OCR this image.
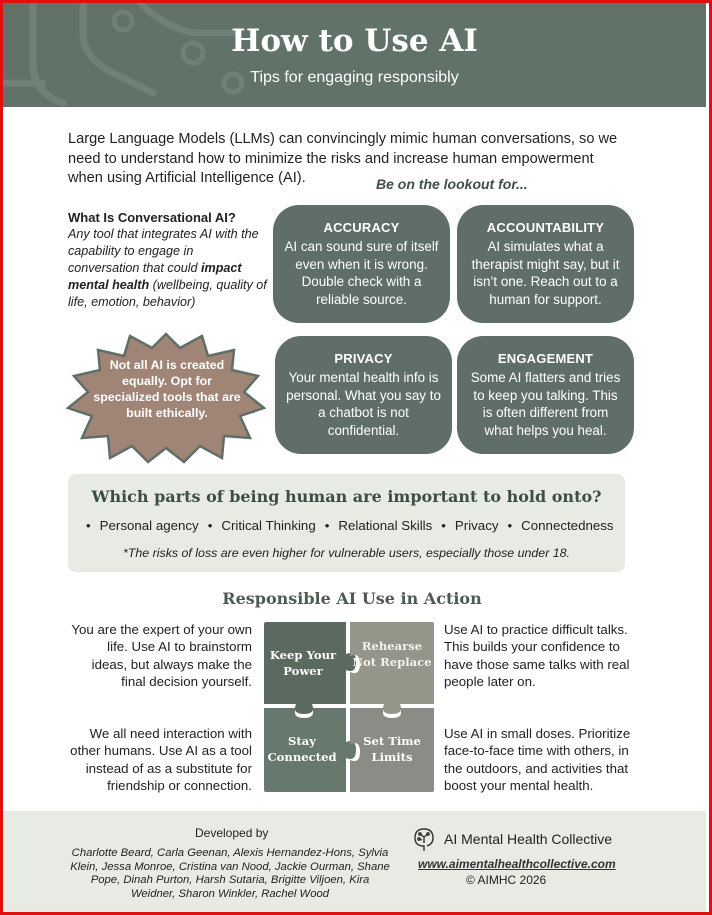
How to Use AI
Tips for engaging responsibly

Large Language Models (LLMs) can convincingly mimic human conversations, so we need to understand how to minimize the risks and increase human empowerment when using Artificial Intelligence (AI).	Be on the lookout for...
What Is Conversational AI?
Any tool that integrates AI with the capability to engage in conversation that could impact mental health (wellbeing, quality of life, emotion, behavior)
Not all AI is created equally. Opt for specialized tools that are built ethically.
ACCURACY
AI can sound sure of itself even when it is wrong. Double check with a reliable source.
ACCOUNTABILITY
AI simulates what a therapist might say, but it isn’t one. Reach out to a human for support.
PRIVACY
Your mental health info is personal. What you say to a chatbot is not confidential.
ENGAGEMENT
Some AI flatters and tries to keep you talking. This is often different from what helps you heal.
Which parts of being human are important to hold onto?
• Personal agency • Critical Thinking • Relational Skills • Privacy • Connectedness
*The risks of loss are even higher for vulnerable users, especially those under 18.
Responsible AI Use in Action
You are the expert of your own life. Use AI to brainstorm ideas, but always make the final decision yourself.
Use AI to practice difficult talks. This builds your confidence to have those same talks with real people later on.
We all need interaction with other humans. Use AI as a tool instead of as a substitute for friendship or connection.
Use AI in small doses. Prioritize face-to-face time with others, in the outdoors, and activities that boost your mental health.
Keep Your Power
Rehearse Not Replace
Stay Connected
Set Time Limits
Developed by
Charlotte Beard, Carla Geenan, Alexis Hernandez-Hons, Sylvia Klein, Jessa Monroe, Cristina van Nood, Jackie Ourman, Shane Pope, Dinah Purton, Harsh Sutaria, Brigitte Viljoen, Kira Weidner, Sharon Winkler, Rachel Wood
AI Mental Health Collective
www.aimentalhealthcollective.com
© AIMHC 2026
